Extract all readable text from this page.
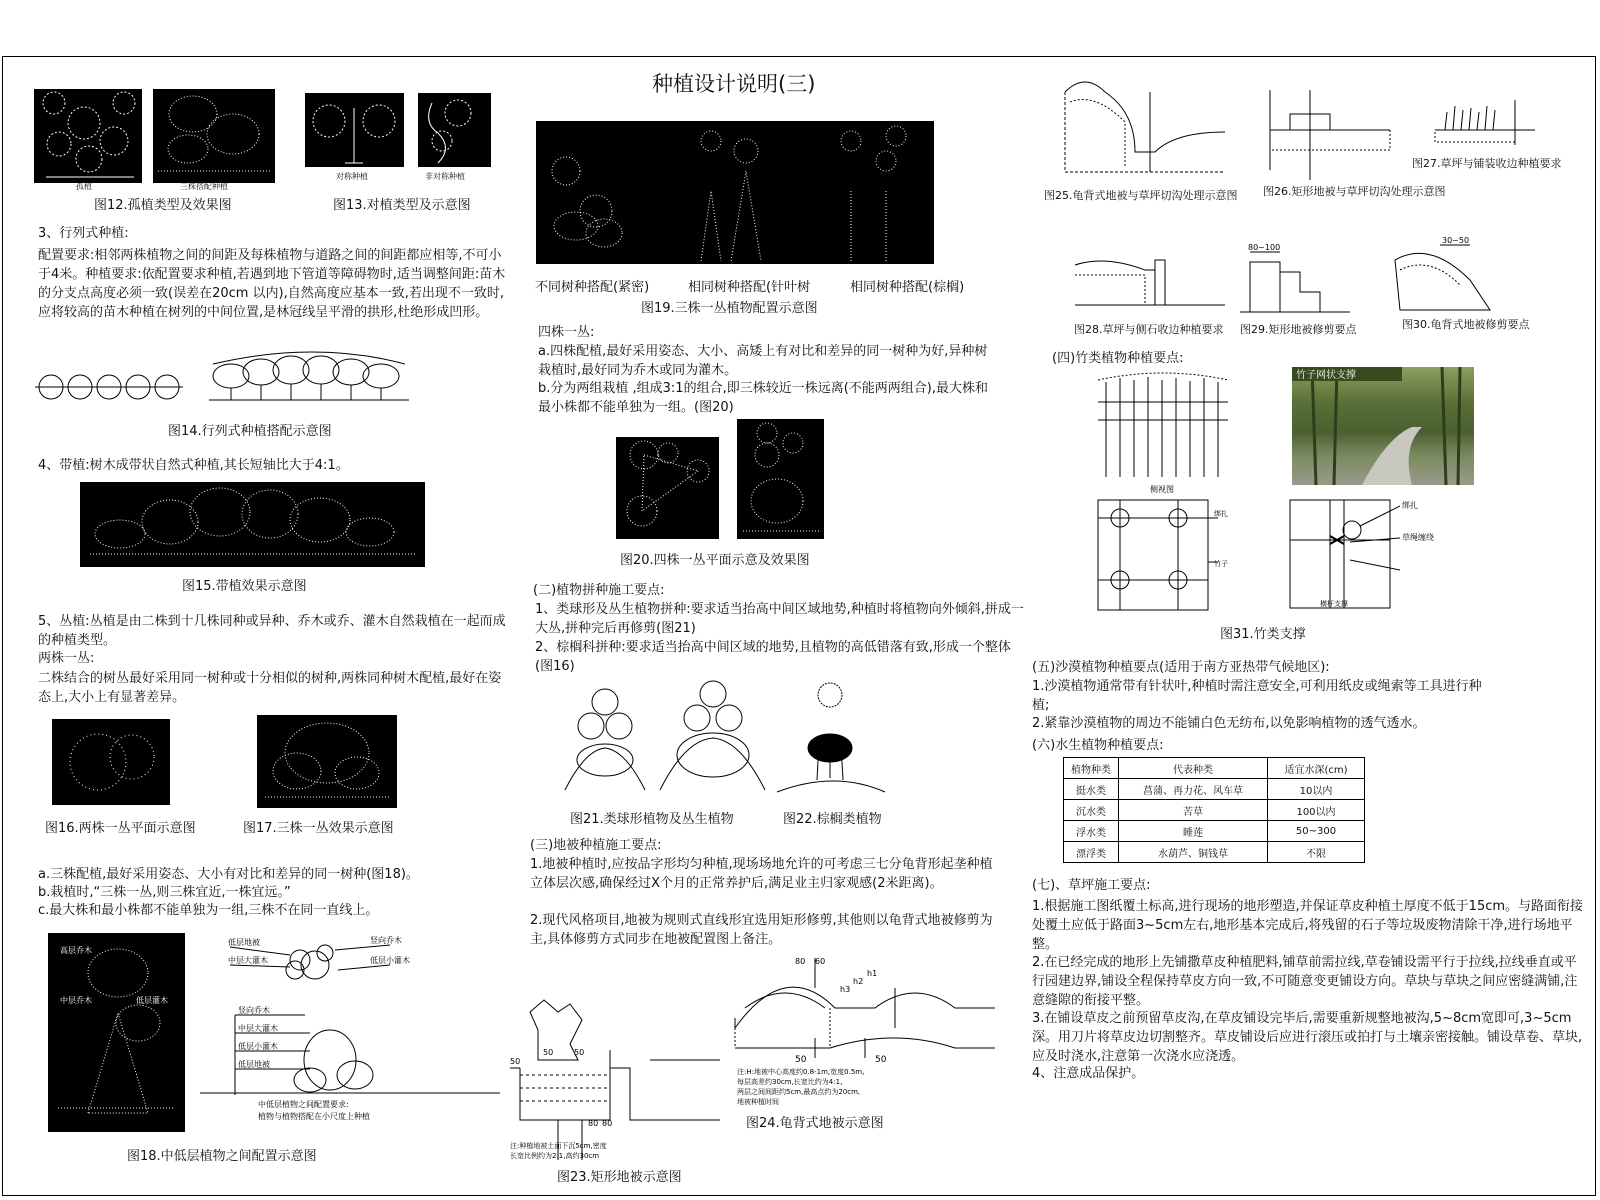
种植设计说明(三)
孤植	三株搭配种植
图12.孤植类型及效果图
对称种植	非对称种植
图13.对植类型及示意图
3、行列式种植:
配置要求:相邻两株植物之间的间距及每株植物与道路之间的间距都应相等,不可小于4米。种植要求:依配置要求种植,若遇到地下管道等障碍物时,适当调整间距:苗木的分支点高度必须一致(误差在20cm 以内),自然高度应基本一致,若出现不一致时,应将较高的苗木种植在树列的中间位置,是林冠线呈平滑的拱形,杜绝形成凹形。
图14.行列式种植搭配示意图
4、带植:树木成带状自然式种植,其长短轴比大于4:1。
图15.带植效果示意图
5、丛植:丛植是由二株到十几株同种或异种、乔木或乔、灌木自然栽植在一起而成的种植类型。
两株一丛:
二株结合的树丛最好采用同一树种或十分相似的树种,两株同种树木配植,最好在姿态上,大小上有显著差异。
图16.两株一丛平面示意图	图17.三株一丛效果示意图
a.三株配植,最好采用姿态、大小有对比和差异的同一树种(图18)。
b.栽植时,“三株一丛,则三株宜近,一株宜远。”
c.最大株和最小株都不能单独为一组,三株不在同一直线上。
高层乔木
中层乔木	低层灌木
低层地被
中层大灌木
竖向乔木
低层小灌木
竖向乔木
中层大灌木
低层小灌木
低层地被
中低层植物之间配置要求:
植物与植物搭配在小尺度上种植
图18.中低层植物之间配置示意图
不同树种搭配(紧密)	相同树种搭配(针叶树	相同树种搭配(棕榈)
图19.三株一丛植物配置示意图
四株一丛:
a.四株配植,最好采用姿态、大小、高矮上有对比和差异的同一树种为好,异种树栽植时,最好同为乔木或同为灌木。
b.分为两组栽植 ,组成3:1的组合,即三株较近一株远离(不能两两组合),最大株和最小株都不能单独为一组。(图20)
图20.四株一丛平面示意及效果图
(二)植物拼种施工要点:
1、类球形及丛生植物拼种:要求适当抬高中间区域地势,种植时将植物向外倾斜,拼成一大丛,拼种完后再修剪(图21)
2、棕榈科拼种:要求适当抬高中间区域的地势,且植物的高低错落有致,形成一个整体(图16)
图21.类球形植物及丛生植物	图22.棕榈类植物
(三)地被种植施工要点:
1.地被种植时,应按品字形均匀种植,现场场地允许的可考虑三七分龟背形起垄种植立体层次感,确保经过X个月的正常养护后,满足业主归家观感(2米距离)。
2.现代风格项目,地被为规则式直线形宜选用矩形修剪,其他则以龟背式地被修剪为主,具体修剪方式同步在地被配置图上备注。
50	50
50
80 80
注:种植地被土面下沉5cm,密度
长宽比例约为2:1,高约30cm
图23.矩形地被示意图
80 60
h3
h2
h1
50	50
注:H:地被中心高度约0.8-1m,宽度0.5m,
每层高差约30cm,长宽比约为4:1,
两层之间间距约5cm,最高点约为20cm,
地被种植时间
图24.龟背式地被示意图
图25.龟背式地被与草坪切沟处理示意图 图26.矩形地被与草坪切沟处理示意图
图27.草坪与铺装收边种植要求
80~100
30~50
图28.草坪与侧石收边种植要求 图29.矩形地被修剪要点	图30.龟背式地被修剪要点
(四)竹类植物种植要点:
侧视图
竹子网状支撑
绑扎
竹子
绑扎
草绳缠绕
横杆支撑
图31.竹类支撑
(五)沙漠植物种植要点(适用于南方亚热带气候地区):
1.沙漠植物通常带有针状叶,种植时需注意安全,可利用纸皮或绳索等工具进行种植;
2.紧靠沙漠植物的周边不能铺白色无纺布,以免影响植物的透气透水。
(六)水生植物种植要点:
植物种类	代表种类	适宜水深(cm)
挺水类	菖蒲、再力花、风车草	10以内
沉水类	苦草	100以内
浮水类	睡莲	50~300
漂浮类	水葫芦、铜钱草	不限
(七)、草坪施工要点:
1.根据施工图纸覆土标高,进行现场的地形塑造,并保证草皮种植土厚度不低于15cm。与路面衔接处覆土应低于路面3~5cm左右,地形基本完成后,将残留的石子等垃圾废物清除干净,进行场地平整。
2.在已经完成的地形上先铺撒草皮种植肥料,铺草前需拉线,草卷铺设需平行于拉线,拉线垂直或平行园建边界,铺设全程保持草皮方向一致,不可随意变更铺设方向。草块与草块之间应密缝满铺,注意缝隙的衔接平整。
3.在铺设草皮之前预留草皮沟,在草皮铺设完毕后,需要重新规整地被沟,5~8cm宽即可,3~5cm深。用刀片将草皮边切割整齐。草皮铺设后应进行滚压或拍打与土壤亲密接触。铺设草卷、草块,应及时浇水,注意第一次浇水应浇透。
4、注意成品保护。
